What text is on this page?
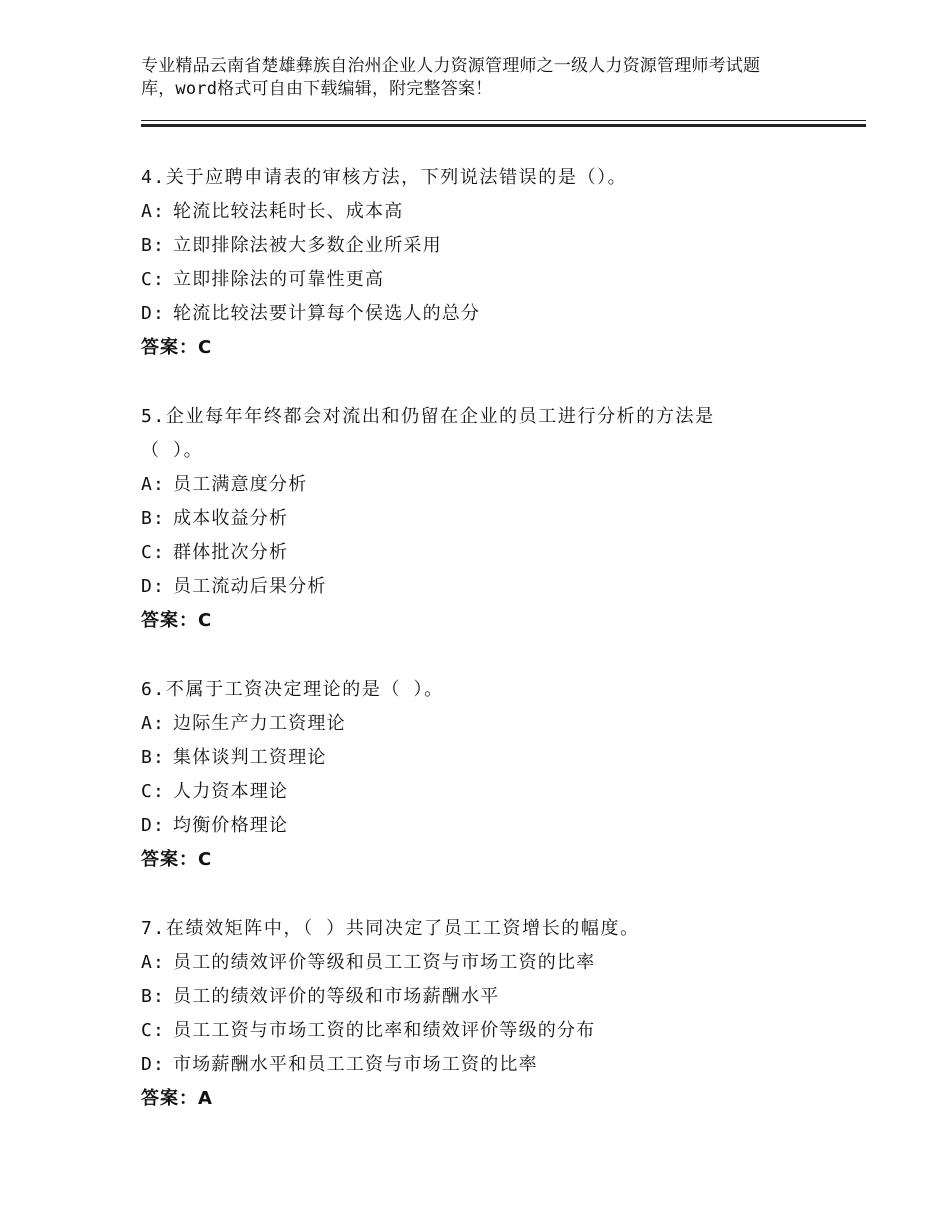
专业精品云南省楚雄彝族自治州企业人力资源管理师之一级人力资源管理师考试题
库，word格式可自由下载编辑，附完整答案！
4.关于应聘申请表的审核方法，下列说法错误的是（）。
A: 轮流比较法耗时长、成本高
B: 立即排除法被大多数企业所采用
C: 立即排除法的可靠性更高
D: 轮流比较法要计算每个侯选人的总分
答案：C
5.企业每年年终都会对流出和仍留在企业的员工进行分析的方法是
（ ）。
A: 员工满意度分析
B: 成本收益分析
C: 群体批次分析
D: 员工流动后果分析
答案：C
6.不属于工资决定理论的是（ ）。
A: 边际生产力工资理论
B: 集体谈判工资理论
C: 人力资本理论
D: 均衡价格理论
答案：C
7.在绩效矩阵中，（ ）共同决定了员工工资增长的幅度。
A: 员工的绩效评价等级和员工工资与市场工资的比率
B: 员工的绩效评价的等级和市场薪酬水平
C: 员工工资与市场工资的比率和绩效评价等级的分布
D: 市场薪酬水平和员工工资与市场工资的比率
答案：A
